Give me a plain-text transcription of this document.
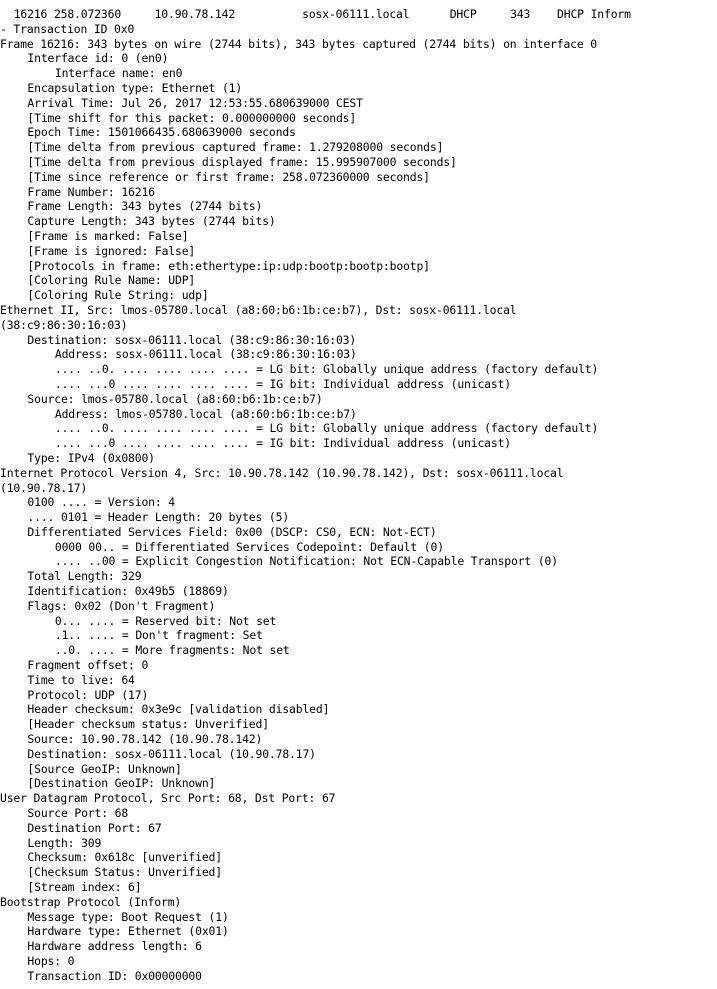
16216 258.072360     10.90.78.142          sosx-06111.local      DHCP     343    DHCP Inform
- Transaction ID 0x0
Frame 16216: 343 bytes on wire (2744 bits), 343 bytes captured (2744 bits) on interface 0
Interface id: 0 (en0)
Interface name: en0
Encapsulation type: Ethernet (1)
Arrival Time: Jul 26, 2017 12:53:55.680639000 CEST
[Time shift for this packet: 0.000000000 seconds]
Epoch Time: 1501066435.680639000 seconds
[Time delta from previous captured frame: 1.279208000 seconds]
[Time delta from previous displayed frame: 15.995907000 seconds]
[Time since reference or first frame: 258.072360000 seconds]
Frame Number: 16216
Frame Length: 343 bytes (2744 bits)
Capture Length: 343 bytes (2744 bits)
[Frame is marked: False]
[Frame is ignored: False]
[Protocols in frame: eth:ethertype:ip:udp:bootp:bootp:bootp]
[Coloring Rule Name: UDP]
[Coloring Rule String: udp]
Ethernet II, Src: lmos-05780.local (a8:60:b6:1b:ce:b7), Dst: sosx-06111.local
(38:c9:86:30:16:03)
Destination: sosx-06111.local (38:c9:86:30:16:03)
Address: sosx-06111.local (38:c9:86:30:16:03)
.... ..0. .... .... .... .... = LG bit: Globally unique address (factory default)
.... ...0 .... .... .... .... = IG bit: Individual address (unicast)
Source: lmos-05780.local (a8:60:b6:1b:ce:b7)
Address: lmos-05780.local (a8:60:b6:1b:ce:b7)
.... ..0. .... .... .... .... = LG bit: Globally unique address (factory default)
.... ...0 .... .... .... .... = IG bit: Individual address (unicast)
Type: IPv4 (0x0800)
Internet Protocol Version 4, Src: 10.90.78.142 (10.90.78.142), Dst: sosx-06111.local
(10.90.78.17)
0100 .... = Version: 4
.... 0101 = Header Length: 20 bytes (5)
Differentiated Services Field: 0x00 (DSCP: CS0, ECN: Not-ECT)
0000 00.. = Differentiated Services Codepoint: Default (0)
.... ..00 = Explicit Congestion Notification: Not ECN-Capable Transport (0)
Total Length: 329
Identification: 0x49b5 (18869)
Flags: 0x02 (Don't Fragment)
0... .... = Reserved bit: Not set
.1.. .... = Don't fragment: Set
..0. .... = More fragments: Not set
Fragment offset: 0
Time to live: 64
Protocol: UDP (17)
Header checksum: 0x3e9c [validation disabled]
[Header checksum status: Unverified]
Source: 10.90.78.142 (10.90.78.142)
Destination: sosx-06111.local (10.90.78.17)
[Source GeoIP: Unknown]
[Destination GeoIP: Unknown]
User Datagram Protocol, Src Port: 68, Dst Port: 67
Source Port: 68
Destination Port: 67
Length: 309
Checksum: 0x618c [unverified]
[Checksum Status: Unverified]
[Stream index: 6]
Bootstrap Protocol (Inform)
Message type: Boot Request (1)
Hardware type: Ethernet (0x01)
Hardware address length: 6
Hops: 0
Transaction ID: 0x00000000
